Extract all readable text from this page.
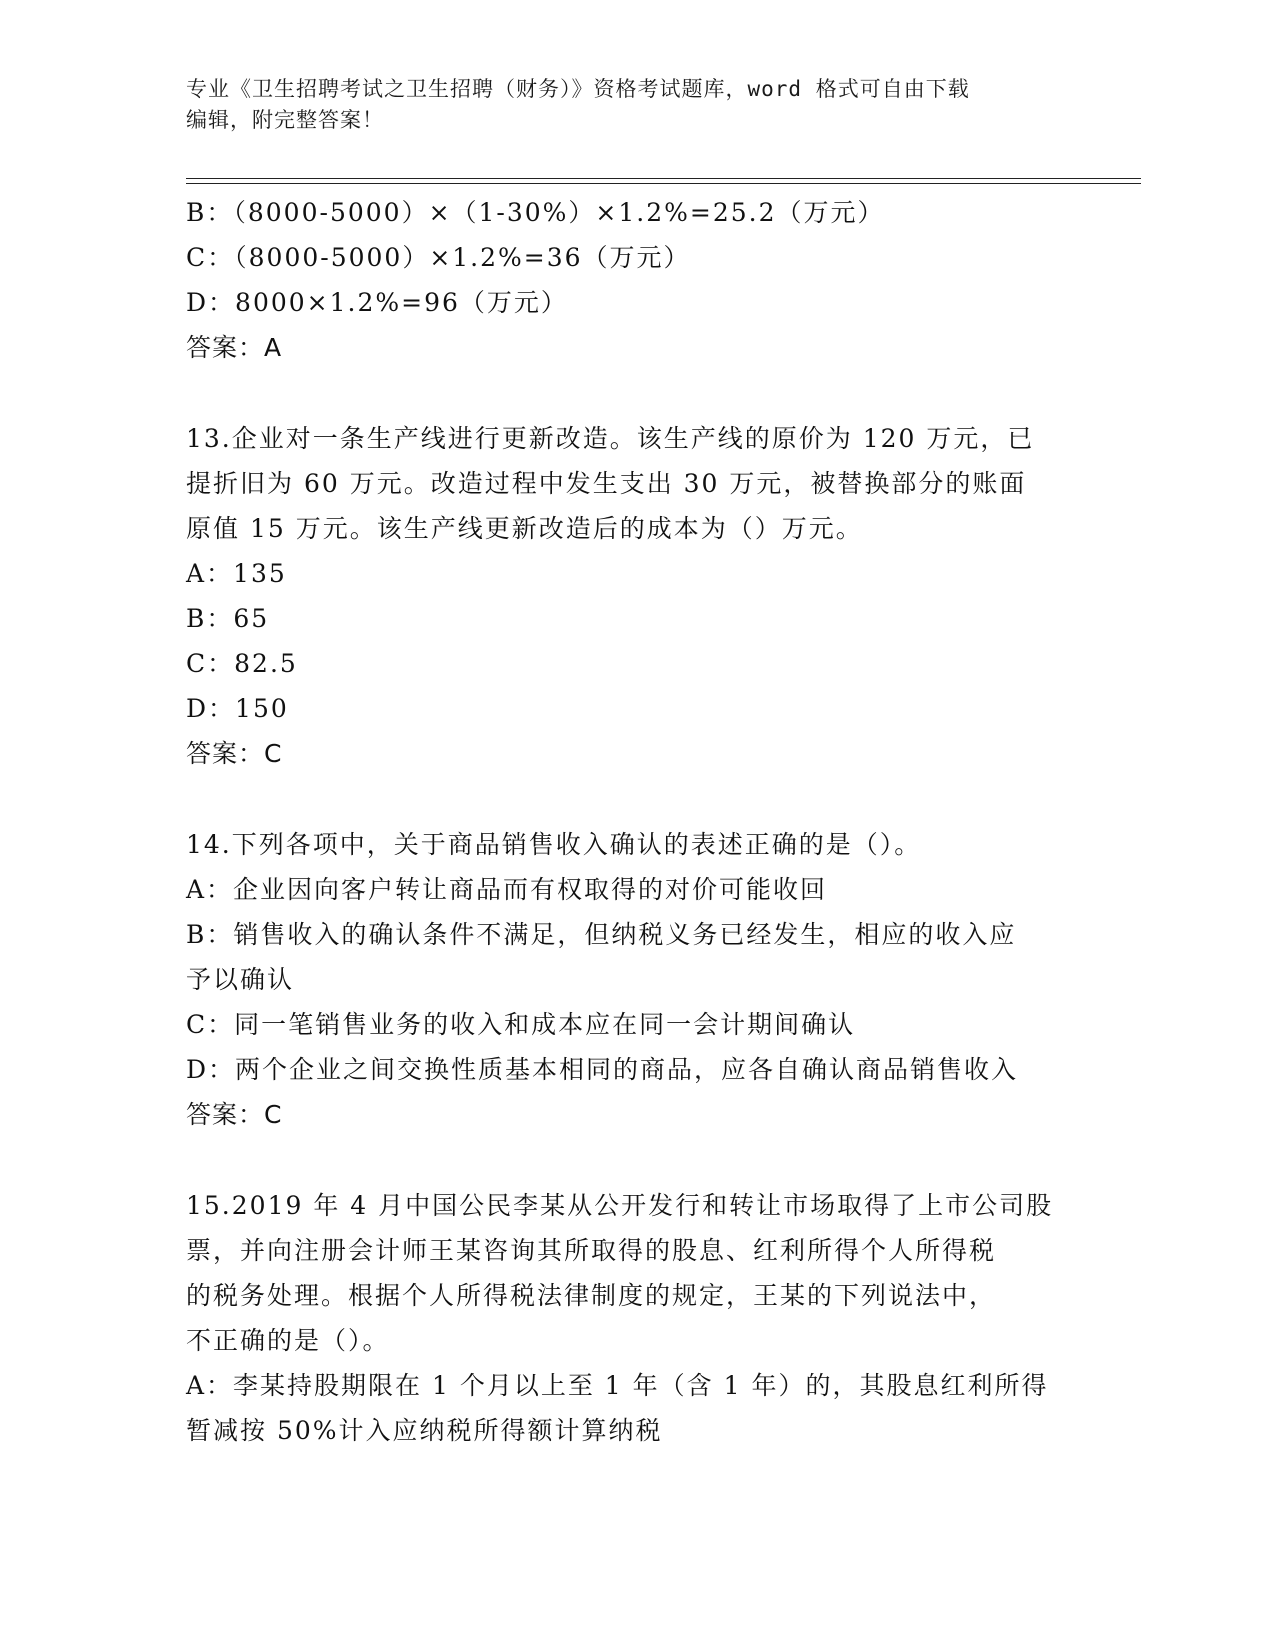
专业《卫生招聘考试之卫生招聘（财务）》资格考试题库，word 格式可自由下载
编辑，附完整答案！
B：（8000-5000）×（1-30%）×1.2%=25.2（万元）
C：（8000-5000）×1.2%=36（万元）
D：8000×1.2%=96（万元）
答案：A
13.企业对一条生产线进行更新改造。该生产线的原价为 120 万元，已
提折旧为 60 万元。改造过程中发生支出 30 万元，被替换部分的账面
原值 15 万元。该生产线更新改造后的成本为（）万元。
A：135
B：65
C：82.5
D：150
答案：C
14.下列各项中，关于商品销售收入确认的表述正确的是（）。
A：企业因向客户转让商品而有权取得的对价可能收回
B：销售收入的确认条件不满足，但纳税义务已经发生，相应的收入应
予以确认
C：同一笔销售业务的收入和成本应在同一会计期间确认
D：两个企业之间交换性质基本相同的商品，应各自确认商品销售收入
答案：C
15.2019 年 4 月中国公民李某从公开发行和转让市场取得了上市公司股
票，并向注册会计师王某咨询其所取得的股息、红利所得个人所得税
的税务处理。根据个人所得税法律制度的规定，王某的下列说法中，
不正确的是（）。
A：李某持股期限在 1 个月以上至 1 年（含 1 年）的，其股息红利所得
暂减按 50%计入应纳税所得额计算纳税
